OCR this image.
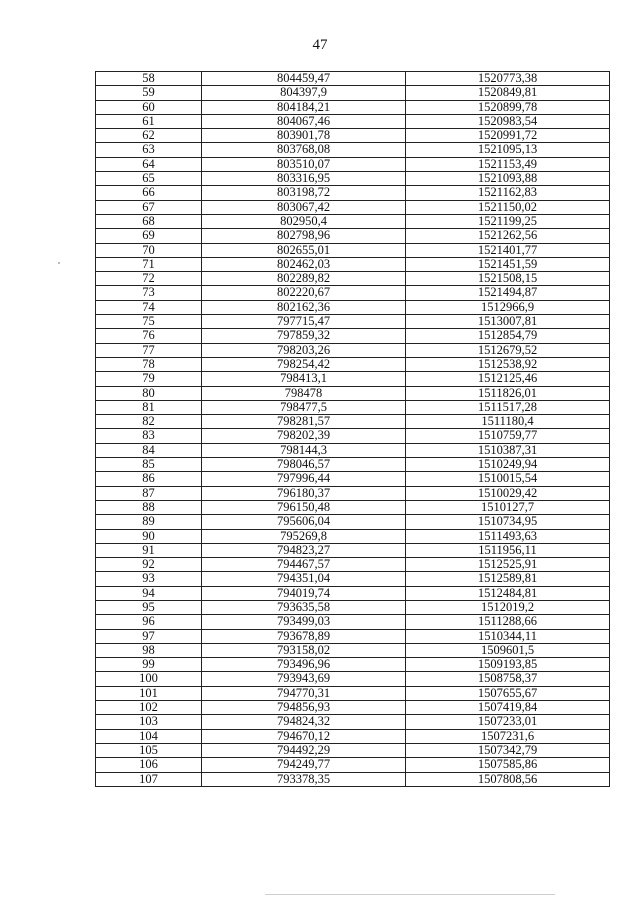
47
58	804459,47	1520773,38
59	804397,9	1520849,81
60	804184,21	1520899,78
61	804067,46	1520983,54
62	803901,78	1520991,72
63	803768,08	1521095,13
64	803510,07	1521153,49
65	803316,95	1521093,88
66	803198,72	1521162,83
67	803067,42	1521150,02
68	802950,4	1521199,25
69	802798,96	1521262,56
70	802655,01	1521401,77
71	802462,03	1521451,59
72	802289,82	1521508,15
73	802220,67	1521494,87
74	802162,36	1512966,9
75	797715,47	1513007,81
76	797859,32	1512854,79
77	798203,26	1512679,52
78	798254,42	1512538,92
79	798413,1	1512125,46
80	798478	1511826,01
81	798477,5	1511517,28
82	798281,57	1511180,4
83	798202,39	1510759,77
84	798144,3	1510387,31
85	798046,57	1510249,94
86	797996,44	1510015,54
87	796180,37	1510029,42
88	796150,48	1510127,7
89	795606,04	1510734,95
90	795269,8	1511493,63
91	794823,27	1511956,11
92	794467,57	1512525,91
93	794351,04	1512589,81
94	794019,74	1512484,81
95	793635,58	1512019,2
96	793499,03	1511288,66
97	793678,89	1510344,11
98	793158,02	1509601,5
99	793496,96	1509193,85
100	793943,69	1508758,37
101	794770,31	1507655,67
102	794856,93	1507419,84
103	794824,32	1507233,01
104	794670,12	1507231,6
105	794492,29	1507342,79
106	794249,77	1507585,86
107	793378,35	1507808,56
